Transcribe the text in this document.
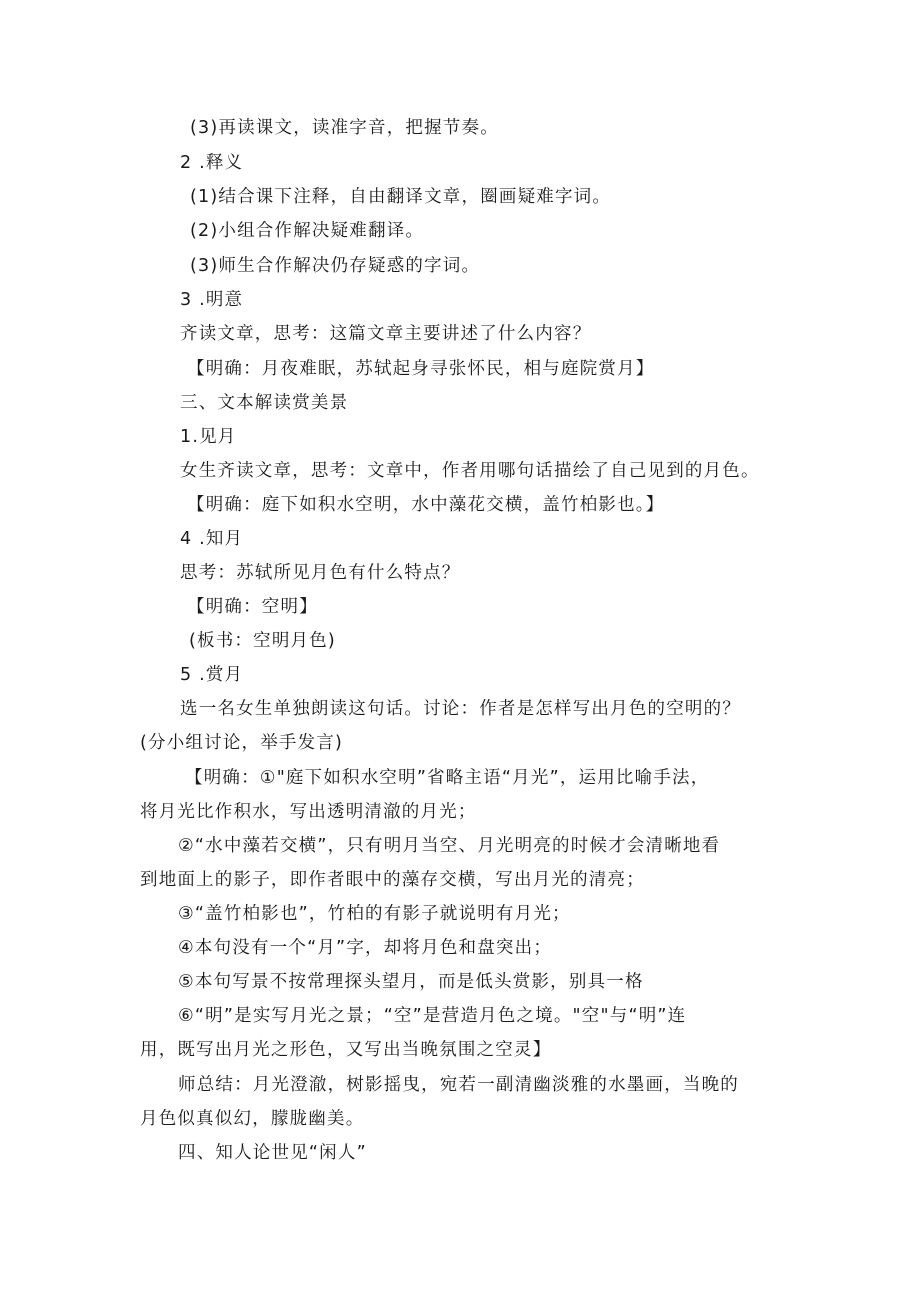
(3)再读课文，读准字音，把握节奏。

2 .释义

(1)结合课下注释，自由翻译文章，圈画疑难字词。

(2)小组合作解决疑难翻译。

(3)师生合作解决仍存疑惑的字词。

3 .明意

齐读文章，思考：这篇文章主要讲述了什么内容？

【明确：月夜难眠，苏轼起身寻张怀民，相与庭院赏月】

三、文本解读赏美景

1.见月

女生齐读文章，思考：文章中，作者用哪句话描绘了自己见到的月色。

【明确：庭下如积水空明，水中藻花交横，盖竹柏影也。】

4 .知月

思考：苏轼所见月色有什么特点？

【明确：空明】

(板书：空明月色)

5 .赏月

选一名女生单独朗读这句话。讨论：作者是怎样写出月色的空明的？

(分小组讨论，举手发言)

【明确：①"庭下如积水空明”省略主语“月光”，运用比喻手法，

将月光比作积水，写出透明清澈的月光；

②“水中藻若交横”，只有明月当空、月光明亮的时候才会清晰地看

到地面上的影子，即作者眼中的藻存交横，写出月光的清亮；

③“盖竹柏影也”，竹柏的有影子就说明有月光；

④本句没有一个“月”字，却将月色和盘突出；

⑤本句写景不按常理探头望月，而是低头赏影，别具一格

⑥“明”是实写月光之景；“空”是营造月色之境。"空"与“明”连

用，既写出月光之形色，又写出当晚氛围之空灵】

师总结：月光澄澈，树影摇曳，宛若一副清幽淡雅的水墨画，当晚的

月色似真似幻，朦胧幽美。

四、知人论世见“闲人”
